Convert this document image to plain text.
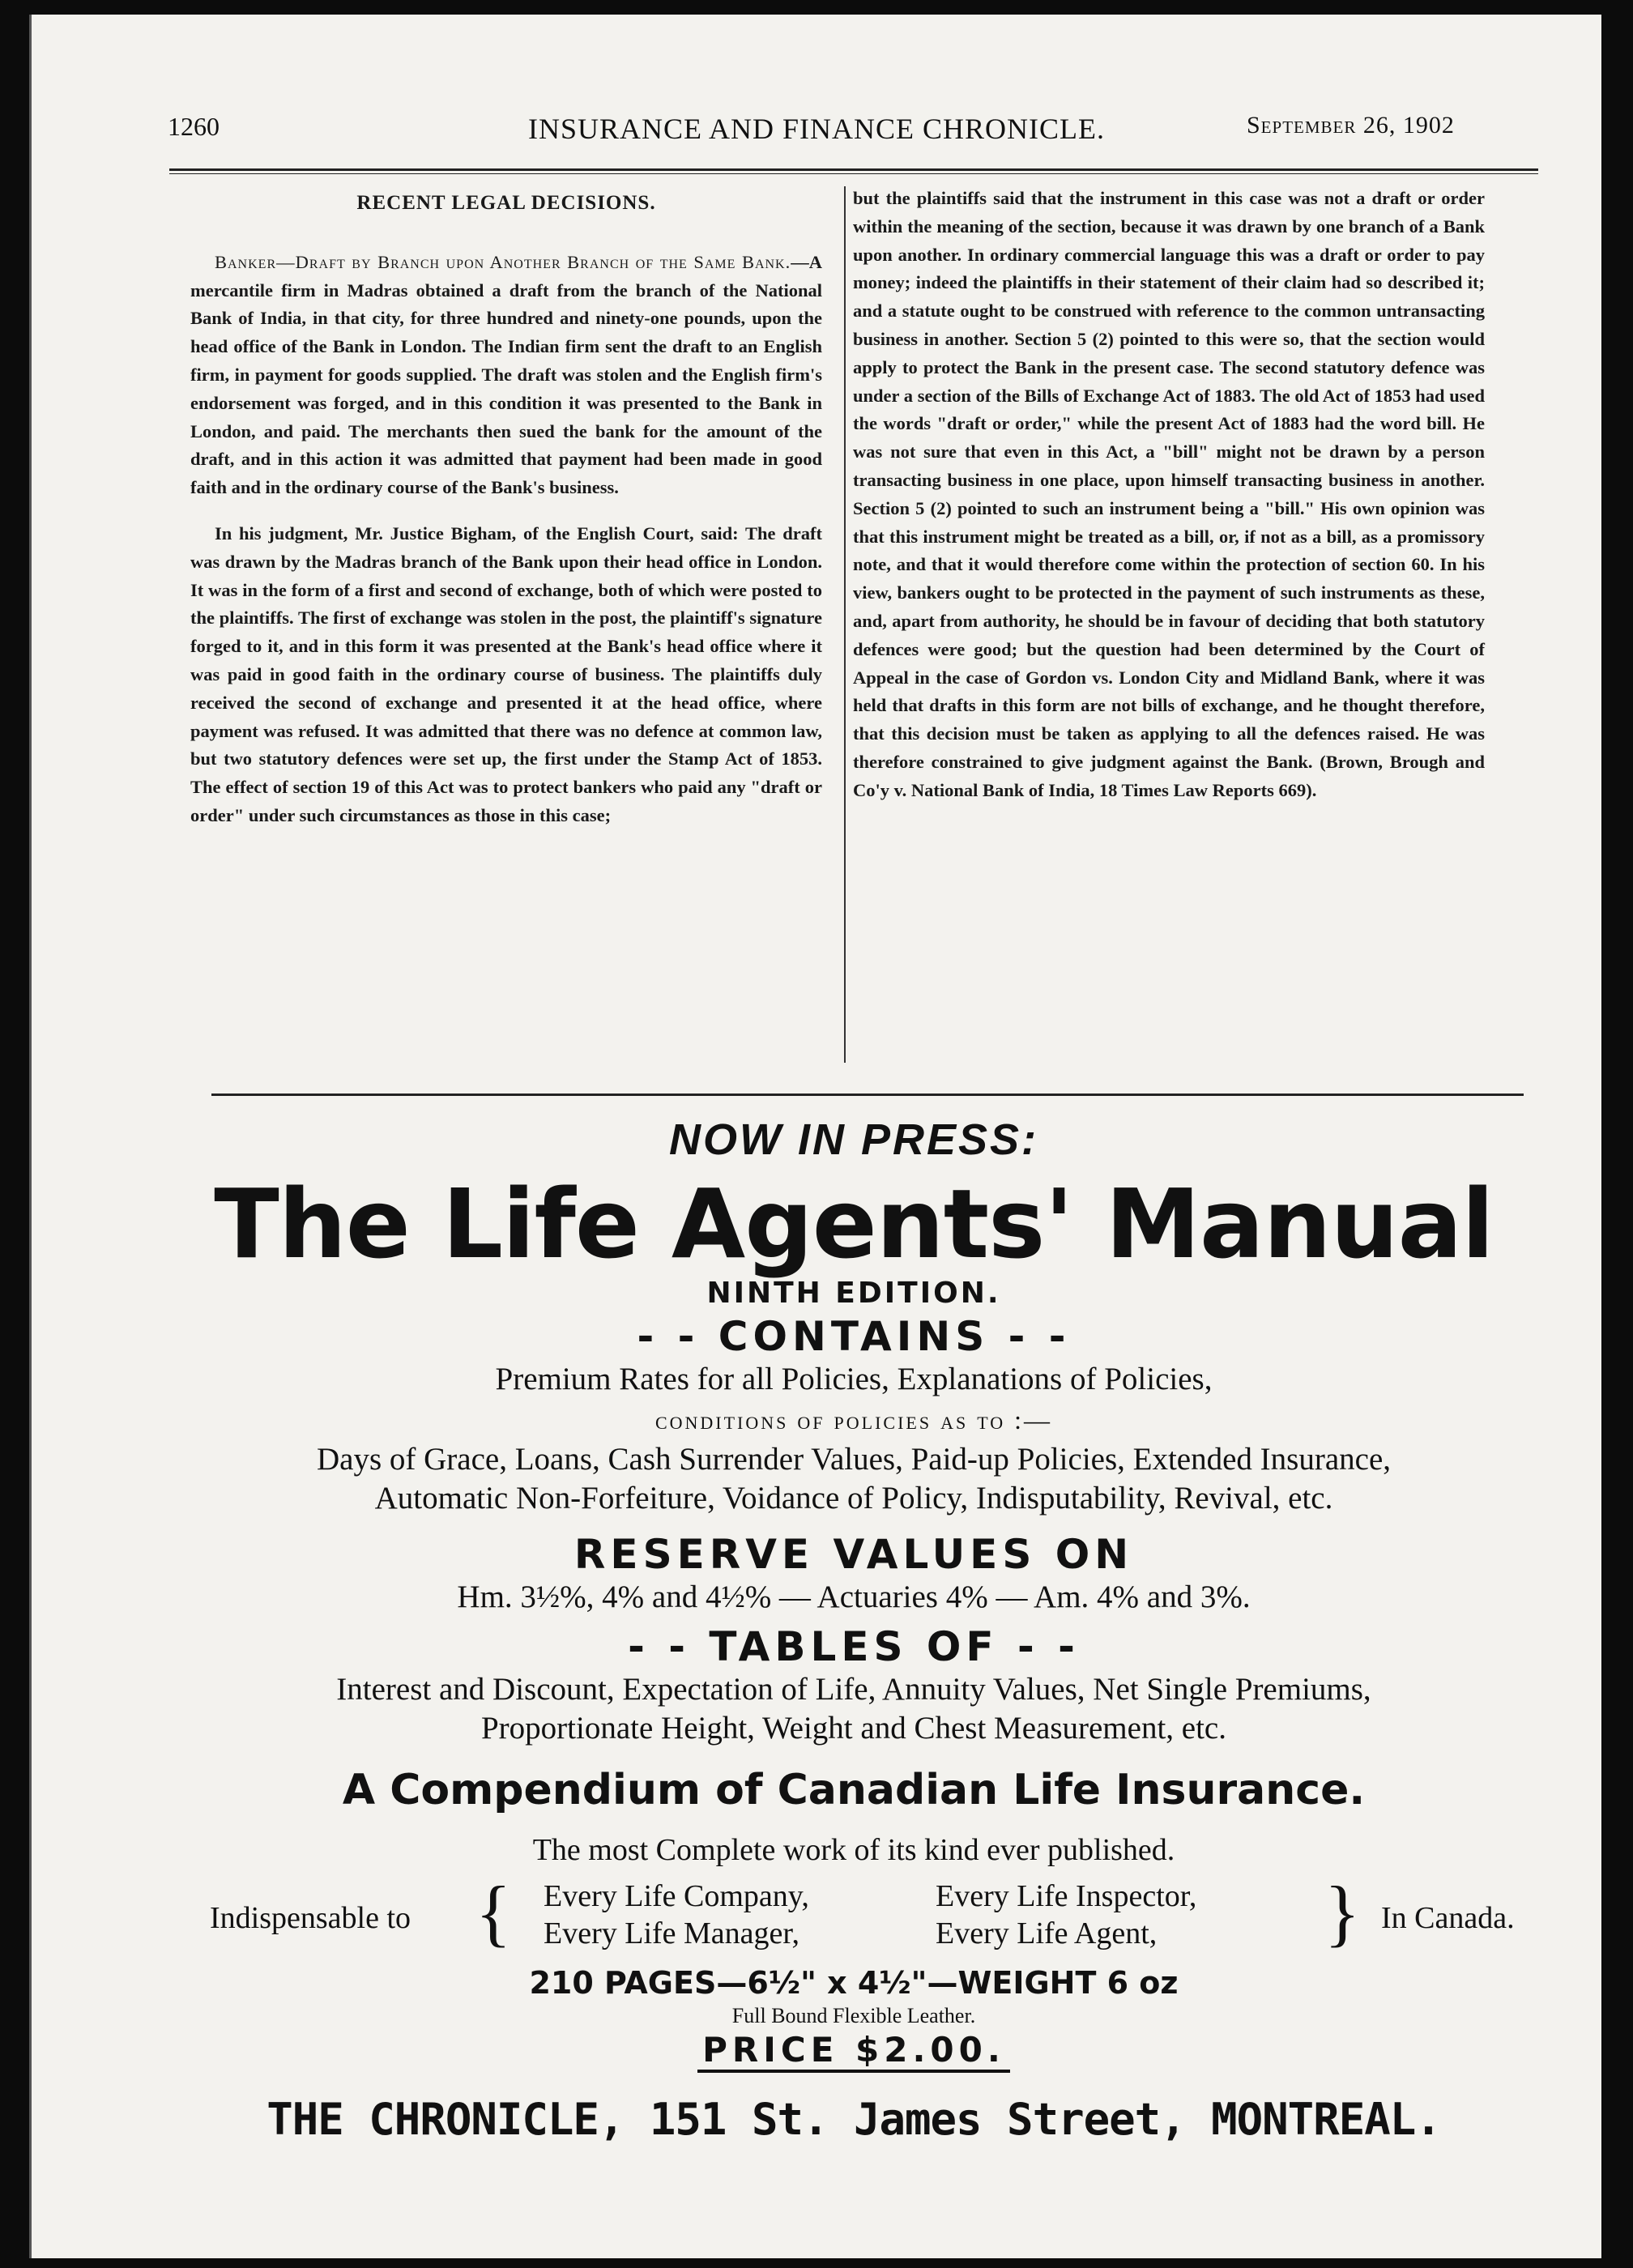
1260	INSURANCE AND FINANCE CHRONICLE.	September 26, 1902
RECENT LEGAL DECISIONS.

Banker—Draft by Branch upon Another Branch of the Same Bank.—A mercantile firm in Madras obtained a draft from the branch of the National Bank of India, in that city, for three hundred and ninety-one pounds, upon the head office of the Bank in London. The Indian firm sent the draft to an English firm, in payment for goods supplied. The draft was stolen and the English firm's endorsement was forged, and in this condition it was presented to the Bank in London, and paid. The merchants then sued the bank for the amount of the draft, and in this action it was admitted that payment had been made in good faith and in the ordinary course of the Bank's business.

In his judgment, Mr. Justice Bigham, of the English Court, said: The draft was drawn by the Madras branch of the Bank upon their head office in London. It was in the form of a first and second of exchange, both of which were posted to the plaintiffs. The first of exchange was stolen in the post, the plaintiff's signature forged to it, and in this form it was presented at the Bank's head office where it was paid in good faith in the ordinary course of business. The plaintiffs duly received the second of exchange and presented it at the head office, where payment was refused. It was admitted that there was no defence at common law, but two statutory defences were set up, the first under the Stamp Act of 1853. The effect of section 19 of this Act was to protect bankers who paid any "draft or order" under such circumstances as those in this case;

but the plaintiffs said that the instrument in this case was not a draft or order within the meaning of the section, because it was drawn by one branch of a Bank upon another. In ordinary commercial language this was a draft or order to pay money; indeed the plaintiffs in their statement of their claim had so described it; and a statute ought to be construed with reference to the common untransacting business in another. Section 5 (2) pointed to this were so, that the section would apply to protect the Bank in the present case. The second statutory defence was under a section of the Bills of Exchange Act of 1883. The old Act of 1853 had used the words "draft or order," while the present Act of 1883 had the word bill. He was not sure that even in this Act, a "bill" might not be drawn by a person transacting business in one place, upon himself transacting business in another. Section 5 (2) pointed to such an instrument being a "bill." His own opinion was that this instrument might be treated as a bill, or, if not as a bill, as a promissory note, and that it would therefore come within the protection of section 60. In his view, bankers ought to be protected in the payment of such instruments as these, and, apart from authority, he should be in favour of deciding that both statutory defences were good; but the question had been determined by the Court of Appeal in the case of Gordon vs. London City and Midland Bank, where it was held that drafts in this form are not bills of exchange, and he thought therefore, that this decision must be taken as applying to all the defences raised. He was therefore constrained to give judgment against the Bank. (Brown, Brough and Co'y v. National Bank of India, 18 Times Law Reports 669).

NOW IN PRESS:
The Life Agents' Manual
NINTH EDITION.
- - CONTAINS - -
Premium Rates for all Policies, Explanations of Policies,
conditions of policies as to :—
Days of Grace, Loans, Cash Surrender Values, Paid-up Policies, Extended Insurance,
Automatic Non-Forfeiture, Voidance of Policy, Indisputability, Revival, etc.
RESERVE VALUES ON
Hm. 3½%, 4% and 4½% — Actuaries 4% — Am. 4% and 3%.
- - TABLES OF - -
Interest and Discount, Expectation of Life, Annuity Values, Net Single Premiums,
Proportionate Height, Weight and Chest Measurement, etc.
A Compendium of Canadian Life Insurance.
The most Complete work of its kind ever published.
Indispensable to { Every Life Company,
Every Life Manager,
Every Life Inspector,
Every Life Agent,	} In Canada.
210 PAGES—6½" x 4½"—WEIGHT 6 oz
Full Bound Flexible Leather.
PRICE $2.00.
THE CHRONICLE, 151 St. James Street, MONTREAL.
